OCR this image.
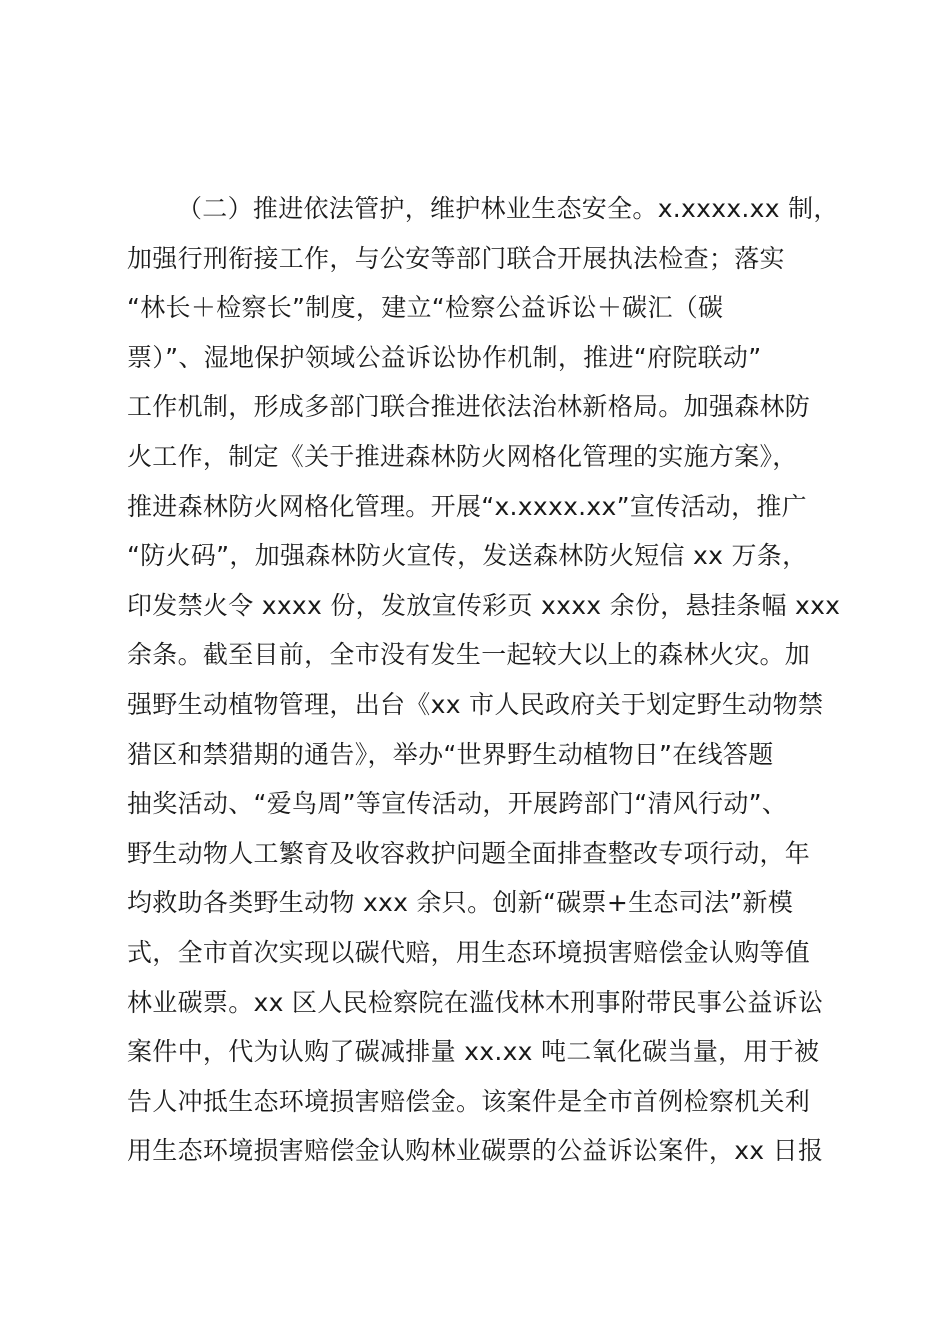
（二）推进依法管护，维护林业生态安全。x.xxxx.xx 制，
加强行刑衔接工作，与公安等部门联合开展执法检查；落实
“林长＋检察长”制度，建立“检察公益诉讼＋碳汇（碳
票）”、湿地保护领域公益诉讼协作机制，推进“府院联动”
工作机制，形成多部门联合推进依法治林新格局。加强森林防
火工作，制定《关于推进森林防火网格化管理的实施方案》，
推进森林防火网格化管理。开展“x.xxxx.xx”宣传活动，推广
“防火码”，加强森林防火宣传，发送森林防火短信 xx 万条，
印发禁火令 xxxx 份，发放宣传彩页 xxxx 余份，悬挂条幅 xxx
余条。截至目前，全市没有发生一起较大以上的森林火灾。加
强野生动植物管理，出台《xx 市人民政府关于划定野生动物禁
猎区和禁猎期的通告》，举办“世界野生动植物日”在线答题
抽奖活动、“爱鸟周”等宣传活动，开展跨部门“清风行动”、
野生动物人工繁育及收容救护问题全面排查整改专项行动，年
均救助各类野生动物 xxx 余只。创新“碳票+生态司法”新模
式，全市首次实现以碳代赔，用生态环境损害赔偿金认购等值
林业碳票。xx 区人民检察院在滥伐林木刑事附带民事公益诉讼
案件中，代为认购了碳减排量 xx.xx 吨二氧化碳当量，用于被
告人冲抵生态环境损害赔偿金。该案件是全市首例检察机关利
用生态环境损害赔偿金认购林业碳票的公益诉讼案件，xx 日报
